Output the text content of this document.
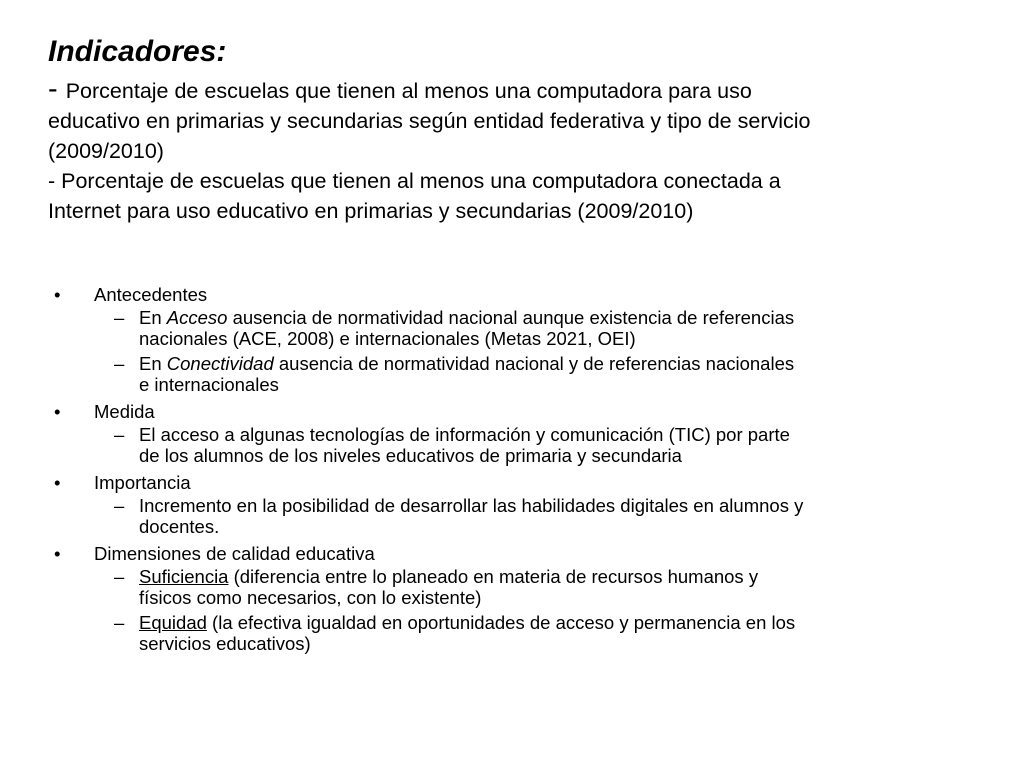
Indicadores:
- Porcentaje de escuelas que tienen al menos una computadora para uso
educativo en primarias y secundarias según entidad federativa y tipo de servicio
(2009/2010)
- Porcentaje de escuelas que tienen al menos una computadora conectada a
Internet para uso educativo en primarias y secundarias (2009/2010)
•	Antecedentes
– En Acceso ausencia de normatividad nacional aunque existencia de referencias
nacionales (ACE, 2008) e internacionales (Metas 2021, OEI)
– En Conectividad ausencia de normatividad nacional y de referencias nacionales
e internacionales
•	Medida
– El acceso a algunas tecnologías de información y comunicación (TIC) por parte
de los alumnos de los niveles educativos de primaria y secundaria
•	Importancia
– Incremento en la posibilidad de desarrollar las habilidades digitales en alumnos y
docentes.
•	Dimensiones de calidad educativa
– Suficiencia (diferencia entre lo planeado en materia de recursos humanos y
físicos como necesarios, con lo existente)
– Equidad (la efectiva igualdad en oportunidades de acceso y permanencia en los
servicios educativos)
